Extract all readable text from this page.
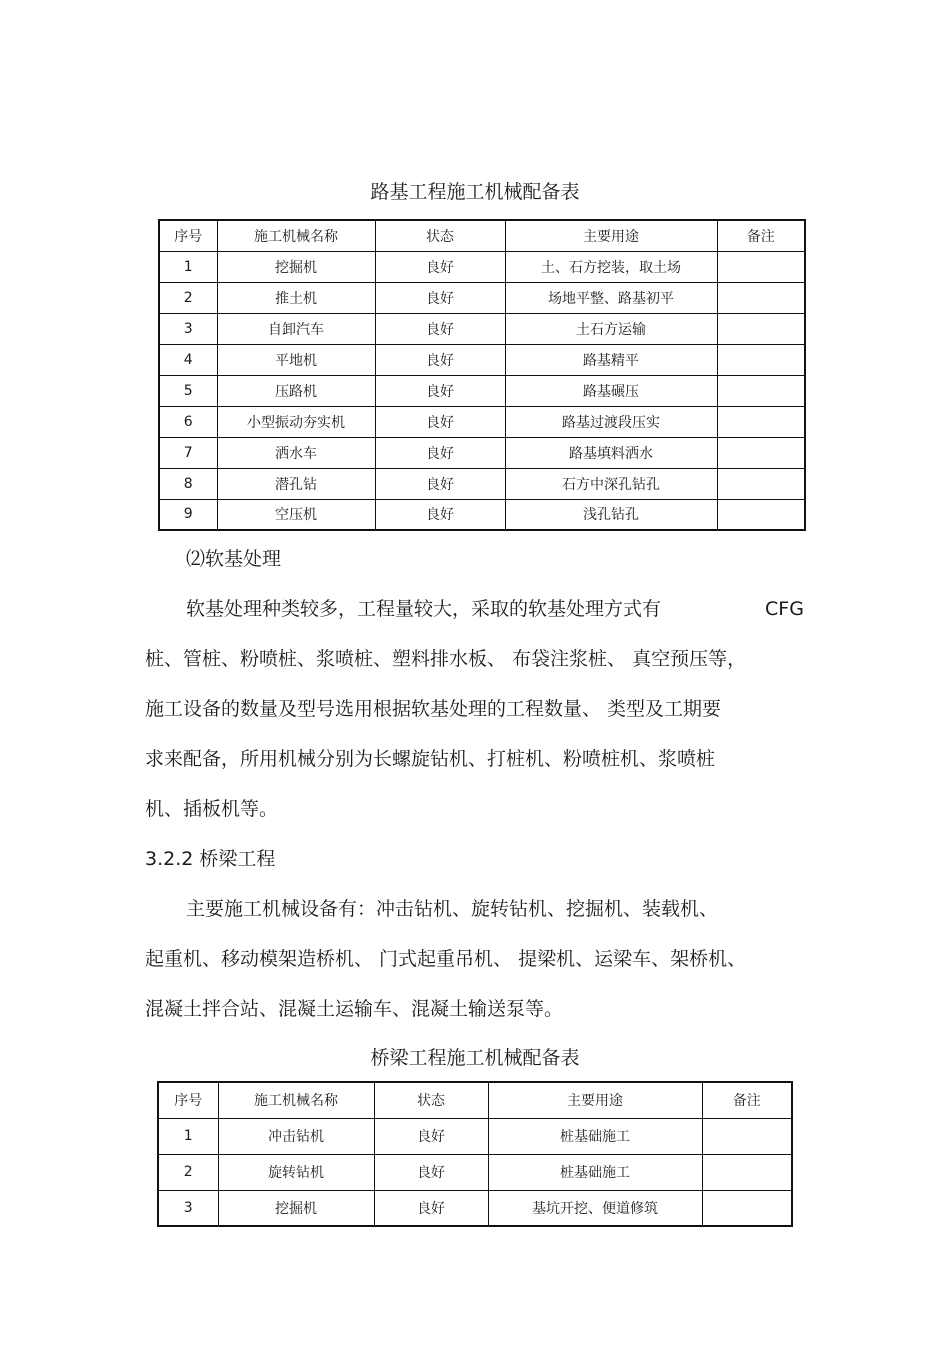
路基工程施工机械配备表
序号	施工机械名称	状态	主要用途	备注
1	挖掘机	良好	土、石方挖装，取土场	
2	推土机	良好	场地平整、路基初平	
3	自卸汽车	良好	土石方运输	
4	平地机	良好	路基精平	
5	压路机	良好	路基碾压	
6	小型振动夯实机	良好	路基过渡段压实	
7	洒水车	良好	路基填料洒水	
8	潜孔钻	良好	石方中深孔钻孔	
9	空压机	良好	浅孔钻孔	
⑵软基处理
软基处理种类较多，工程量较大，采取的软基处理方式有	CFG
桩、管桩、粉喷桩、浆喷桩、塑料排水板、 布袋注浆桩、 真空预压等，
施工设备的数量及型号选用根据软基处理的工程数量、 类型及工期要
求来配备，所用机械分别为长螺旋钻机、打桩机、粉喷桩机、浆喷桩
机、插板机等。
3.2.2 桥梁工程
主要施工机械设备有：冲击钻机、旋转钻机、挖掘机、装载机、
起重机、移动模架造桥机、 门式起重吊机、 提梁机、运梁车、架桥机、
混凝土拌合站、混凝土运输车、混凝土输送泵等。
桥梁工程施工机械配备表
序号	施工机械名称	状态	主要用途	备注
1	冲击钻机	良好	桩基础施工	
2	旋转钻机	良好	桩基础施工	
3	挖掘机	良好	基坑开挖、便道修筑	
